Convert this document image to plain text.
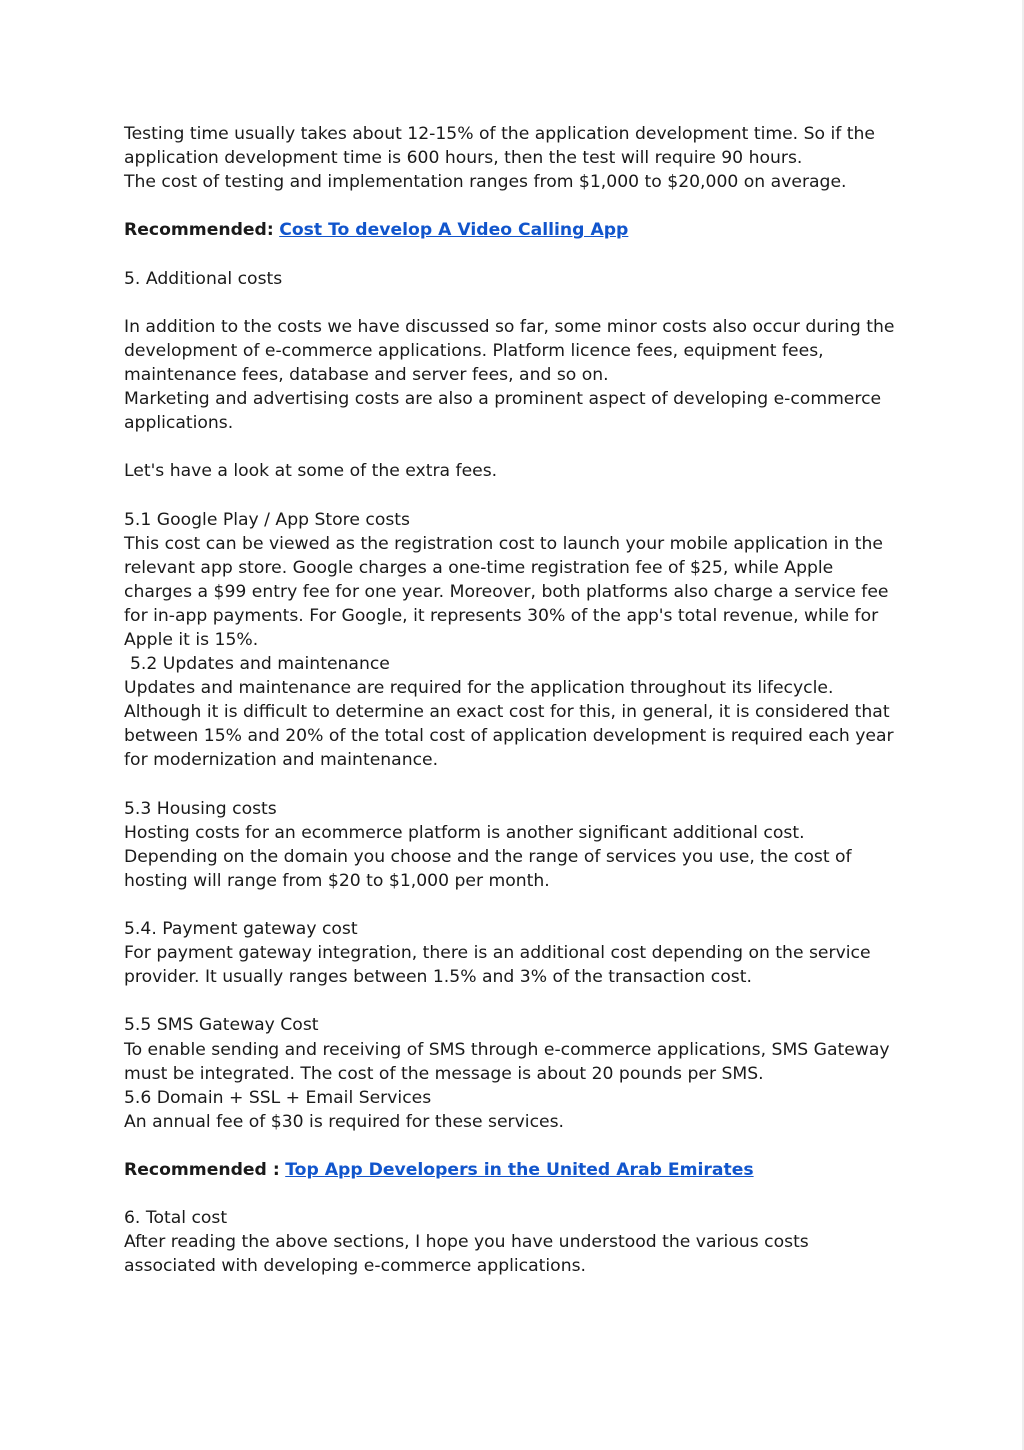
Testing time usually takes about 12-15% of the application development time. So if the
application development time is 600 hours, then the test will require 90 hours.
The cost of testing and implementation ranges from $1,000 to $20,000 on average.
Recommended: Cost To develop A Video Calling App
5. Additional costs
In addition to the costs we have discussed so far, some minor costs also occur during the
development of e-commerce applications. Platform licence fees, equipment fees,
maintenance fees, database and server fees, and so on.
Marketing and advertising costs are also a prominent aspect of developing e-commerce
applications.
Let's have a look at some of the extra fees.
5.1 Google Play / App Store costs
This cost can be viewed as the registration cost to launch your mobile application in the
relevant app store. Google charges a one-time registration fee of $25, while Apple
charges a $99 entry fee for one year. Moreover, both platforms also charge a service fee
for in-app payments. For Google, it represents 30% of the app's total revenue, while for
Apple it is 15%.
5.2 Updates and maintenance
Updates and maintenance are required for the application throughout its lifecycle.
Although it is difficult to determine an exact cost for this, in general, it is considered that
between 15% and 20% of the total cost of application development is required each year
for modernization and maintenance.
5.3 Housing costs
Hosting costs for an ecommerce platform is another significant additional cost.
Depending on the domain you choose and the range of services you use, the cost of
hosting will range from $20 to $1,000 per month.
5.4. Payment gateway cost
For payment gateway integration, there is an additional cost depending on the service
provider. It usually ranges between 1.5% and 3% of the transaction cost.
5.5 SMS Gateway Cost
To enable sending and receiving of SMS through e-commerce applications, SMS Gateway
must be integrated. The cost of the message is about 20 pounds per SMS.
5.6 Domain + SSL + Email Services
An annual fee of $30 is required for these services.
Recommended : Top App Developers in the United Arab Emirates
6. Total cost
After reading the above sections, I hope you have understood the various costs
associated with developing e-commerce applications.
